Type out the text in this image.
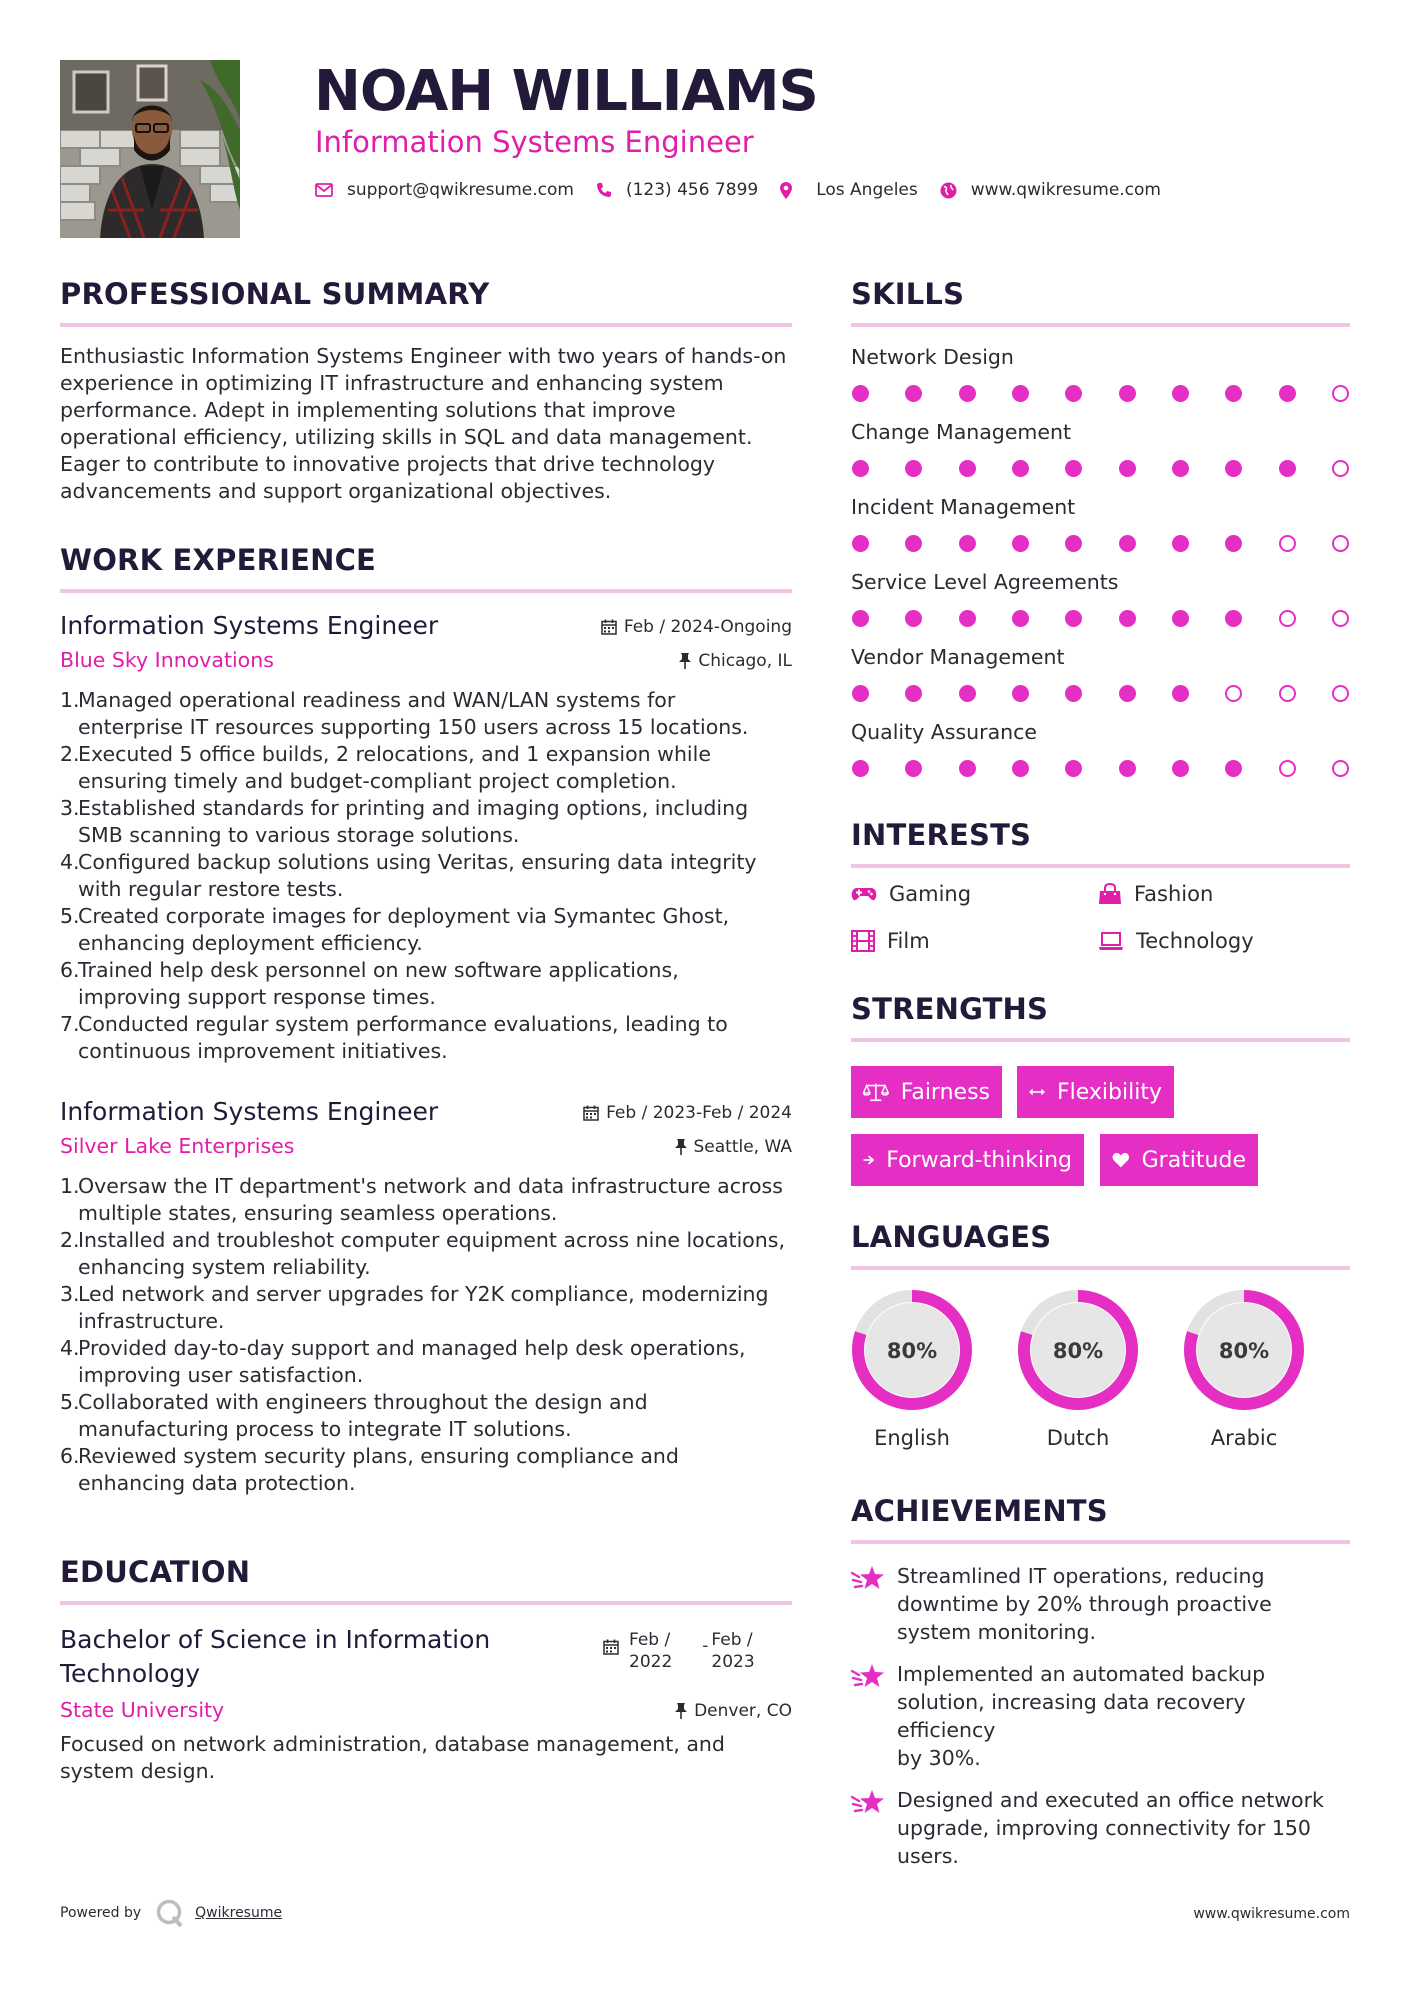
NOAH WILLIAMS
Information Systems Engineer
support@qwikresume.com	(123) 456 7899	Los Angeles	www.qwikresume.com
PROFESSIONAL SUMMARY
Enthusiastic Information Systems Engineer with two years of hands-on
experience in optimizing IT infrastructure and enhancing system
performance. Adept in implementing solutions that improve
operational efficiency, utilizing skills in SQL and data management.
Eager to contribute to innovative projects that drive technology
advancements and support organizational objectives.
WORK EXPERIENCE
Feb / 2024-Ongoing
Chicago, IL
Information Systems Engineer
Blue Sky Innovations
1.
Managed operational readiness and WAN/LAN systems for
enterprise IT resources supporting 150 users across 15 locations.
2.
Executed 5 office builds, 2 relocations, and 1 expansion while
ensuring timely and budget-compliant project completion.
3.
Established standards for printing and imaging options, including
SMB scanning to various storage solutions.
4.
Configured backup solutions using Veritas, ensuring data integrity
with regular restore tests.
5.
Created corporate images for deployment via Symantec Ghost,
enhancing deployment efficiency.
6.
Trained help desk personnel on new software applications,
improving support response times.
7.
Conducted regular system performance evaluations, leading to
continuous improvement initiatives.
Feb / 2023-Feb / 2024
Seattle, WA
Information Systems Engineer
Silver Lake Enterprises
1.
Oversaw the IT department's network and data infrastructure across
multiple states, ensuring seamless operations.
2.
Installed and troubleshot computer equipment across nine locations,
enhancing system reliability.
3.
Led network and server upgrades for Y2K compliance, modernizing
infrastructure.
4.
Provided day-to-day support and managed help desk operations,
improving user satisfaction.
5.
Collaborated with engineers throughout the design and
manufacturing process to integrate IT solutions.
6.
Reviewed system security plans, ensuring compliance and
enhancing data protection.
EDUCATION
Feb /
2022
- Feb /
2023
Bachelor of Science in Information
Technology
Denver, CO
State University
Focused on network administration, database management, and
system design.
SKILLS
Network Design
Change Management
Incident Management
Service Level Agreements
Vendor Management
Quality Assurance
INTERESTS
Gaming	Fashion
Film	Technology
STRENGTHS
Fairness	Flexibility
Forward-thinking	Gratitude
LANGUAGES
80%
English
80%
Dutch
80%
Arabic
ACHIEVEMENTS
Streamlined IT operations, reducing
downtime by 20% through proactive
system monitoring.
Implemented an automated backup
solution, increasing data recovery efficiency
by 30%.
Designed and executed an office network
upgrade, improving connectivity for 150
users.
Powered by	Qwikresume	www.qwikresume.com
